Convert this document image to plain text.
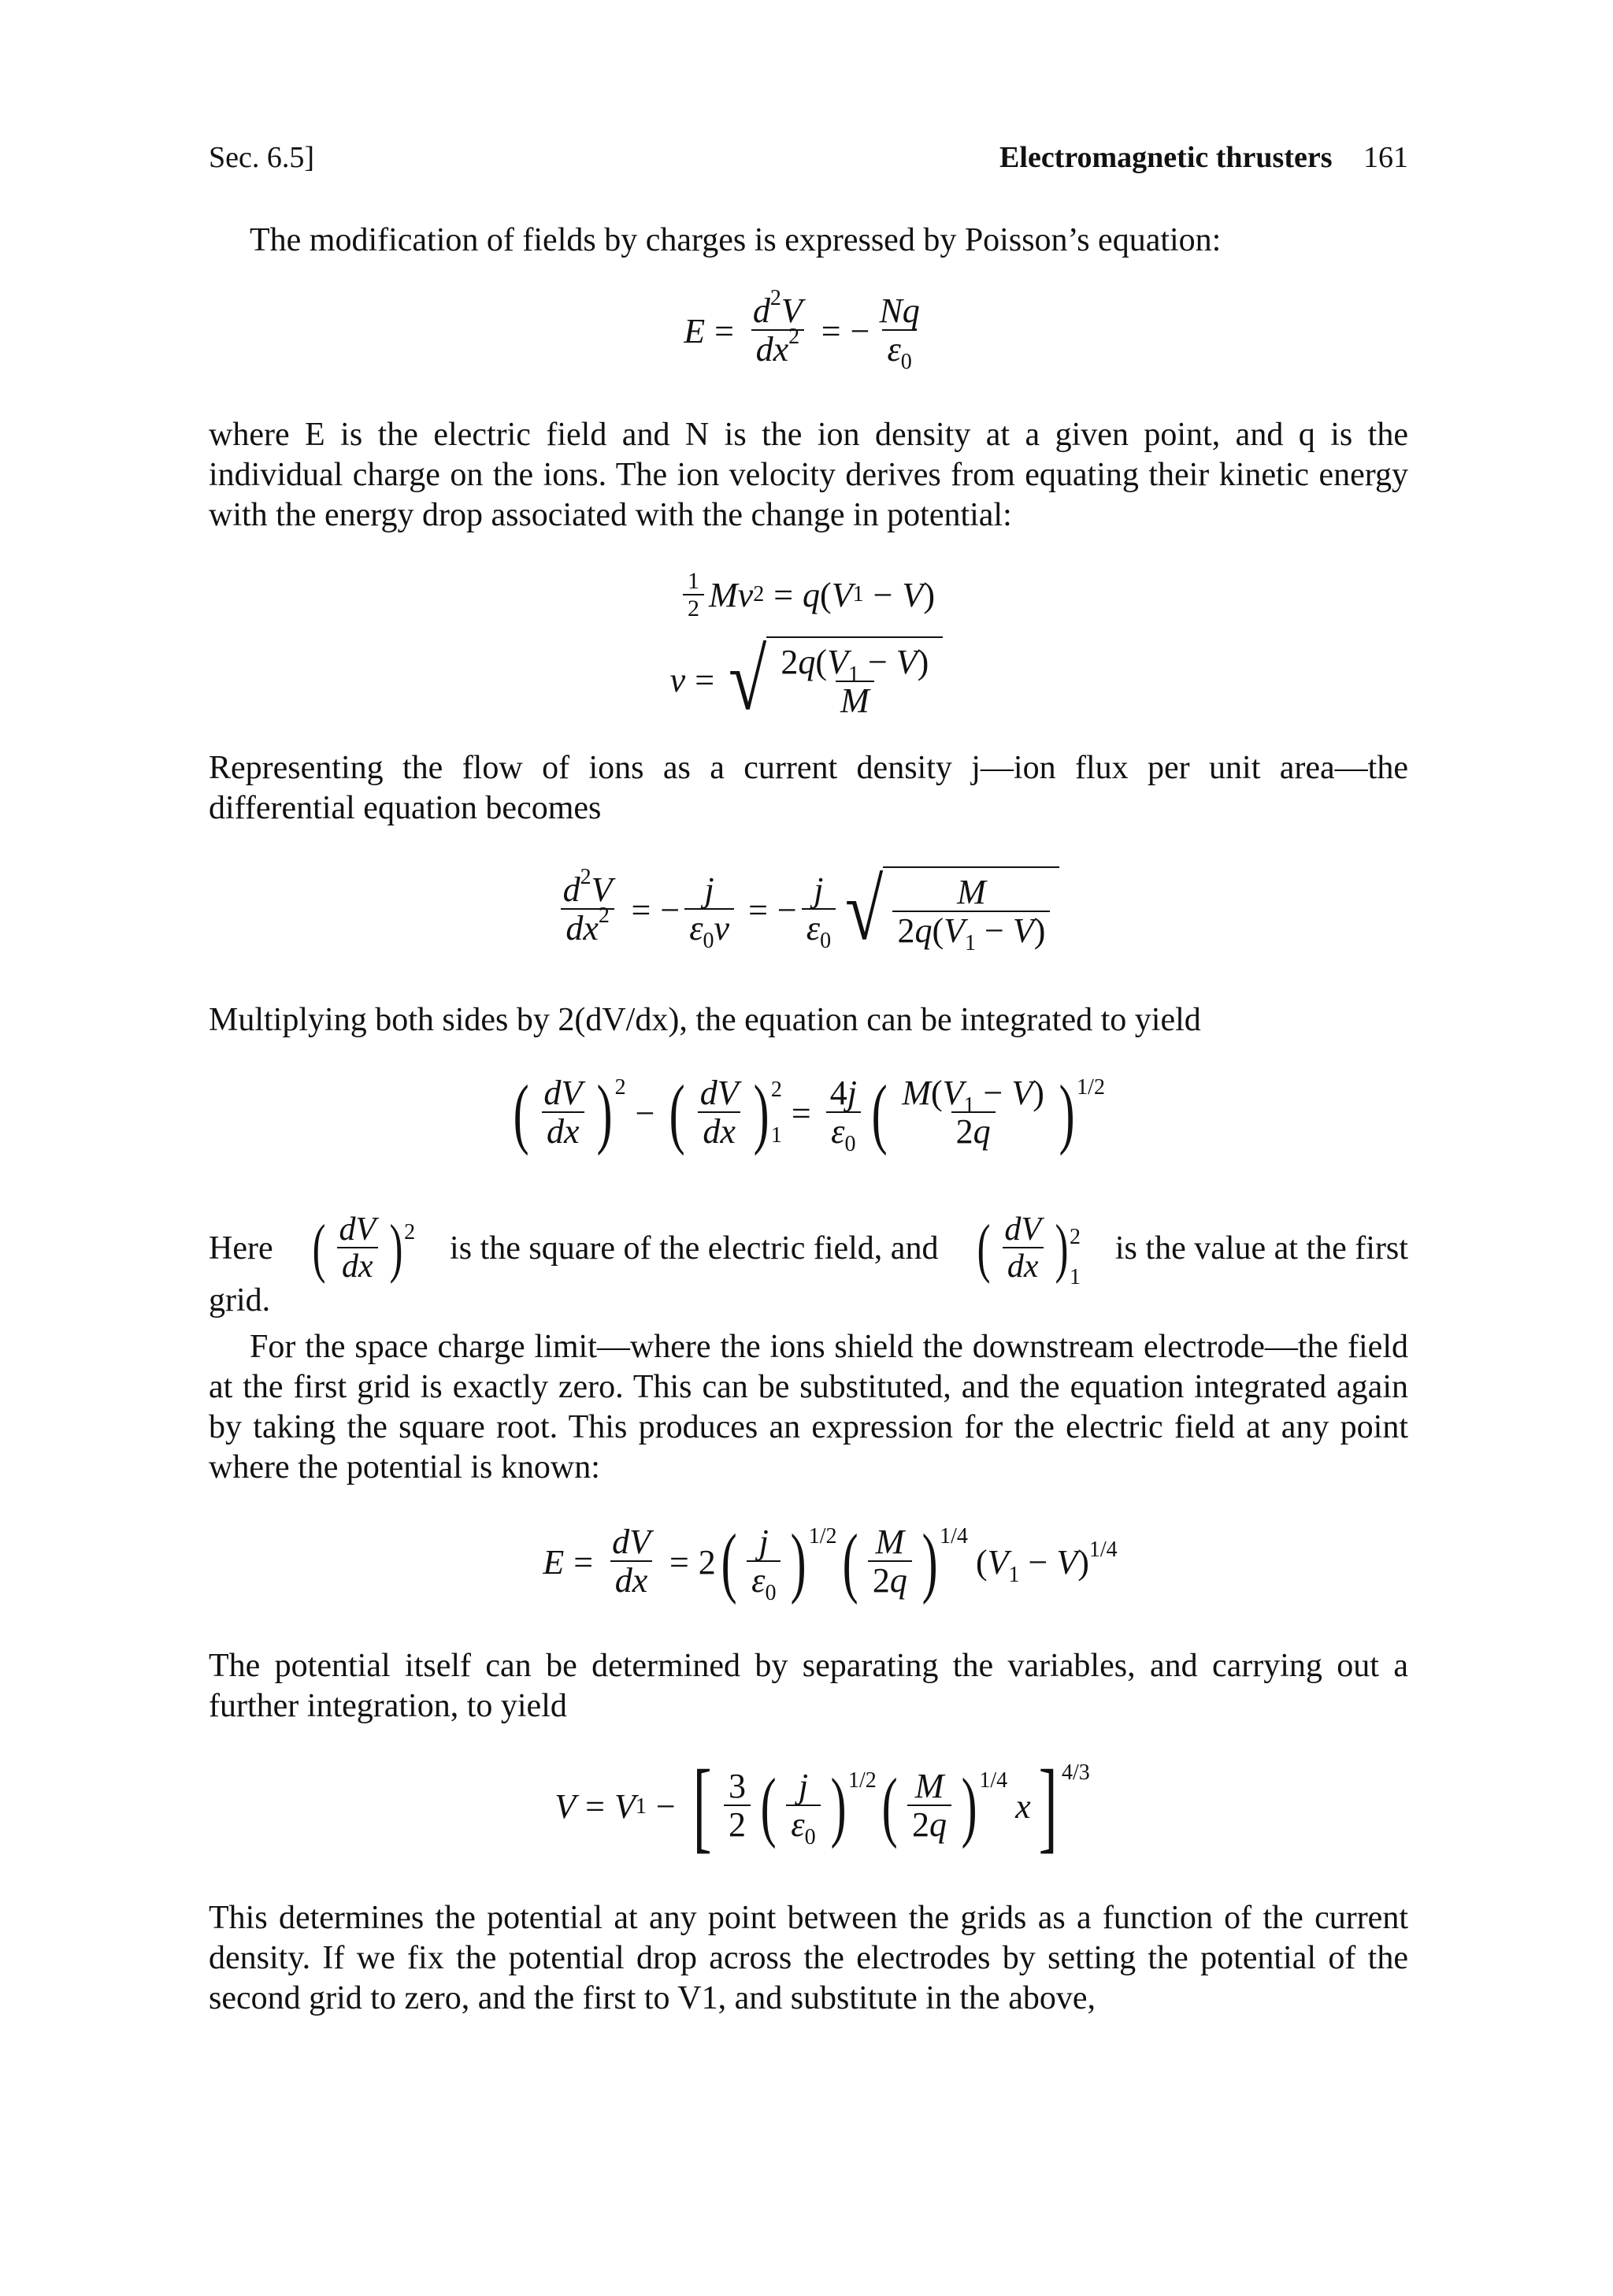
Sec. 6.5]	Electromagnetic thrusters 161

The modification of fields by charges is expressed by Poisson’s equation:

$E = \frac{d^2V}{dx^2}$ = − $\frac{Nq}{\varepsilon_0}$

where E is the electric field and N is the ion density at a given point, and q is the individual charge on the ions. The ion velocity derives from equating their kinetic energy with the energy drop associated with the change in potential:

$\frac{1}{2}$ Mv 2 = q ( V 1 − V )
v = √ $\frac{2q(V_1 - V)}{M}$

Representing the flow of ions as a current density j—ion flux per unit area—the differential equation becomes

$\frac{d^2V}{dx^2}$ = − $\frac{j}{\varepsilon_0v}$ = − $\frac{j}{\varepsilon_0}$ √ $\frac{M}{2q(V_1 - V)}$

Multiplying both sides by 2(dV/dx), the equation can be integrated to yield

( $\frac{dV}{dx}$ ) 2
− ( $\frac{dV}{dx}$ ) 2
1
= $\frac{4j}{\varepsilon_0}$ ( $\frac{M(V_1 - V)}{2q}$ ) 1/2
Here ( $\frac{dV}{dx}$ ) 2 is the square of the electric field, and ( $\frac{dV}{dx}$ ) 2
1
is the value at the first
grid.

For the space charge limit—where the ions shield the downstream electrode—the field at the first grid is exactly zero. This can be substituted, and the equation integrated again by taking the square root. This produces an expression for the electric field at any point where the potential is known:

$E = \frac{dV}{dx} = 2$ ( $\frac{j}{\varepsilon_0}$ ) 1/2 ( $\frac{M}{2q}$ ) 1/4
$(V_1 - V)^{1/4}$

The potential itself can be determined by separating the variables, and carrying out a further integration, to yield

V = V 1 − [ $\frac{3}{2}$ ( $\frac{j}{\varepsilon_0}$ ) 1/2 ( $\frac{M}{2q}$ ) 1/4
x ] 4/3

This determines the potential at any point between the grids as a function of the current density. If we fix the potential drop across the electrodes by setting the potential of the second grid to zero, and the first to V1, and substitute in the above,
